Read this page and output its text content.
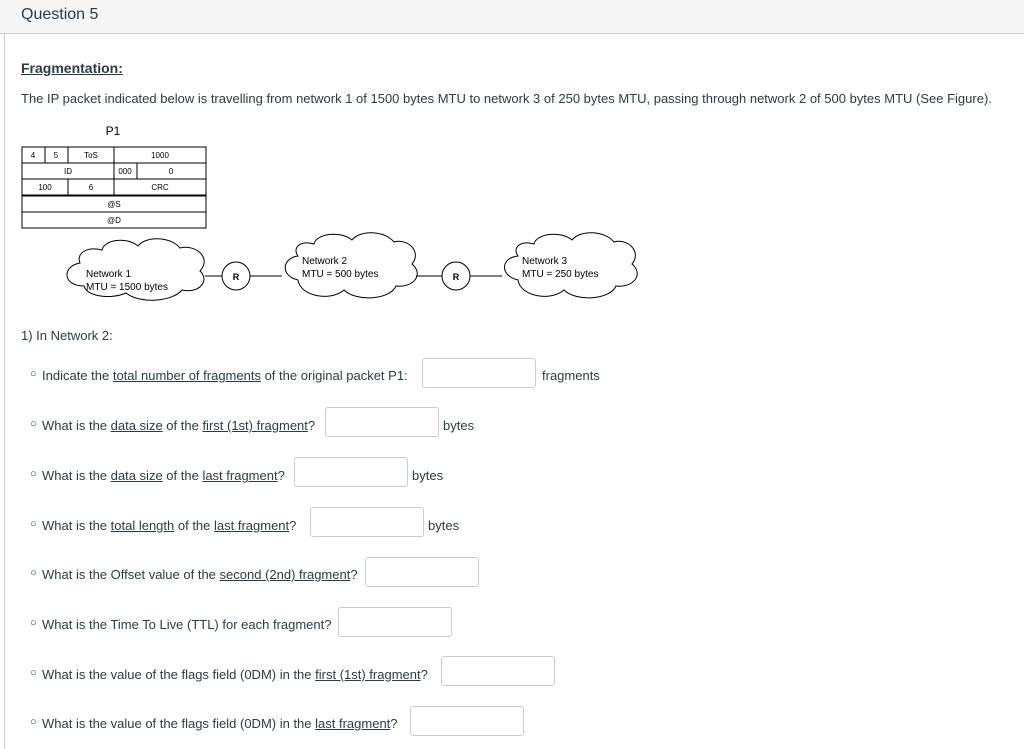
Question 5
Fragmentation:
The IP packet indicated below is travelling from network 1 of 1500 bytes MTU to network 3 of 250 bytes MTU, passing through network 2 of 500 bytes MTU (See Figure).
P1
4 5	ToS	1000
ID	000	0
100	6	CRC
@S
@D
R	R
Network 1
MTU = 1500 bytes
Network 2
MTU = 500 bytes
Network 3
MTU = 250 bytes
1) In Network 2:
○ Indicate the total number of fragments of the original packet P1:	fragments
○ What is the data size of the first (1st) fragment?	bytes
○ What is the data size of the last fragment?	bytes
○ What is the total length of the last fragment?	bytes
○ What is the Offset value of the second (2nd) fragment?
○ What is the Time To Live (TTL) for each fragment?
○ What is the value of the flags field (0DM) in the first (1st) fragment?
○ What is the value of the flags field (0DM) in the last fragment?
